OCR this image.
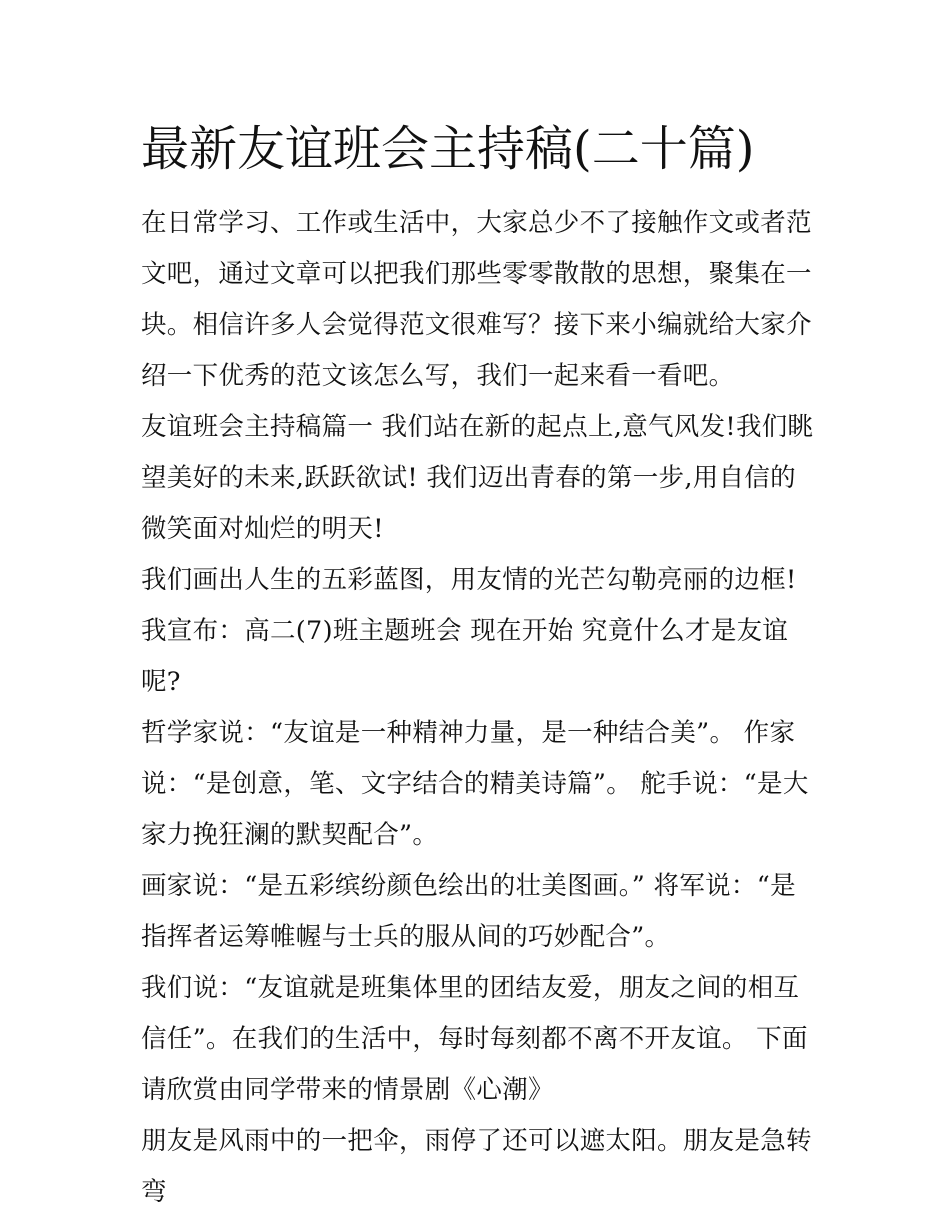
最新友谊班会主持稿(二十篇)

在日常学习、工作或生活中，大家总少不了接触作文或者范文吧，通过文章可以把我们那些零零散散的思想，聚集在一块。相信许多人会觉得范文很难写？接下来小编就给大家介绍一下优秀的范文该怎么写，我们一起来看一看吧。

友谊班会主持稿篇一 我们站在新的起点上,意气风发!我们眺望美好的未来,跃跃欲试! 我们迈出青春的第一步,用自信的微笑面对灿烂的明天!

我们画出人生的五彩蓝图，用友情的光芒勾勒亮丽的边框! 我宣布：高二(7)班主题班会 现在开始 究竟什么才是友谊呢?

哲学家说：“友谊是一种精神力量，是一种结合美”。 作家说：“是创意，笔、文字结合的精美诗篇”。 舵手说：“是大家力挽狂澜的默契配合”。

画家说：“是五彩缤纷颜色绘出的壮美图画。” 将军说：“是指挥者运筹帷幄与士兵的服从间的巧妙配合”。

我们说：“友谊就是班集体里的团结友爱，朋友之间的相互信任”。在我们的生活中，每时每刻都不离不开友谊。 下面请欣赏由同学带来的情景剧《心潮》

朋友是风雨中的一把伞，雨停了还可以遮太阳。朋友是急转弯
